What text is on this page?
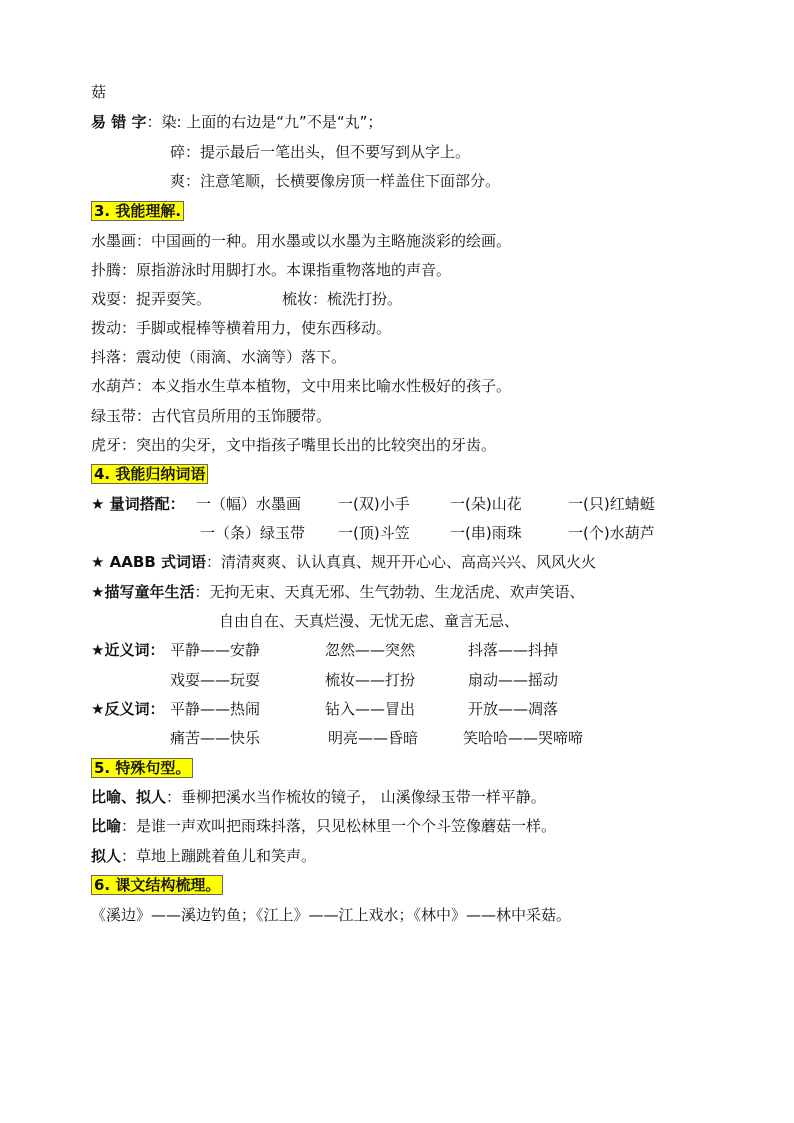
菇
易 错 字：染: 上面的右边是“九”不是“丸”；
碎：提示最后一笔出头，但不要写到从字上。
爽：注意笔顺，长横要像房顶一样盖住下面部分。
3. 我能理解.
水墨画：中国画的一种。用水墨或以水墨为主略施淡彩的绘画。
扑腾：原指游泳时用脚打水。本课指重物落地的声音。
戏耍：捉弄耍笑。	梳妆：梳洗打扮。
拨动：手脚或棍棒等横着用力，使东西移动。
抖落：震动使（雨滴、水滴等）落下。
水葫芦：本义指水生草本植物，文中用来比喻水性极好的孩子。
绿玉带：古代官员所用的玉饰腰带。
虎牙：突出的尖牙，文中指孩子嘴里长出的比较突出的牙齿。
4. 我能归纳词语
★ 量词搭配： 一（幅）水墨画 一(双)小手	一(朵)山花	一(只)红蜻蜓
一（条）绿玉带 一(顶)斗笠	一(串)雨珠	一(个)水葫芦
★ AABB 式词语：清清爽爽、认认真真、规开开心心、高高兴兴、风风火火
★描写童年生活：无拘无束、天真无邪、生气勃勃、生龙活虎、欢声笑语、
自由自在、天真烂漫、无忧无虑、童言无忌、
★近义词： 平静——安静	忽然——突然	抖落——抖掉
戏耍——玩耍	梳妆——打扮	扇动——摇动
★反义词： 平静——热闹	钻入——冒出	开放——凋落
痛苦——快乐	明亮——昏暗	笑哈哈——哭啼啼
5. 特殊句型。
比喻、拟人：垂柳把溪水当作梳妆的镜子， 山溪像绿玉带一样平静。
比喻：是谁一声欢叫把雨珠抖落，只见松林里一个个斗笠像蘑菇一样。
拟人：草地上蹦跳着鱼儿和笑声。
6. 课文结构梳理。
《溪边》——溪边钓鱼；《江上》——江上戏水；《林中》——林中采菇。
